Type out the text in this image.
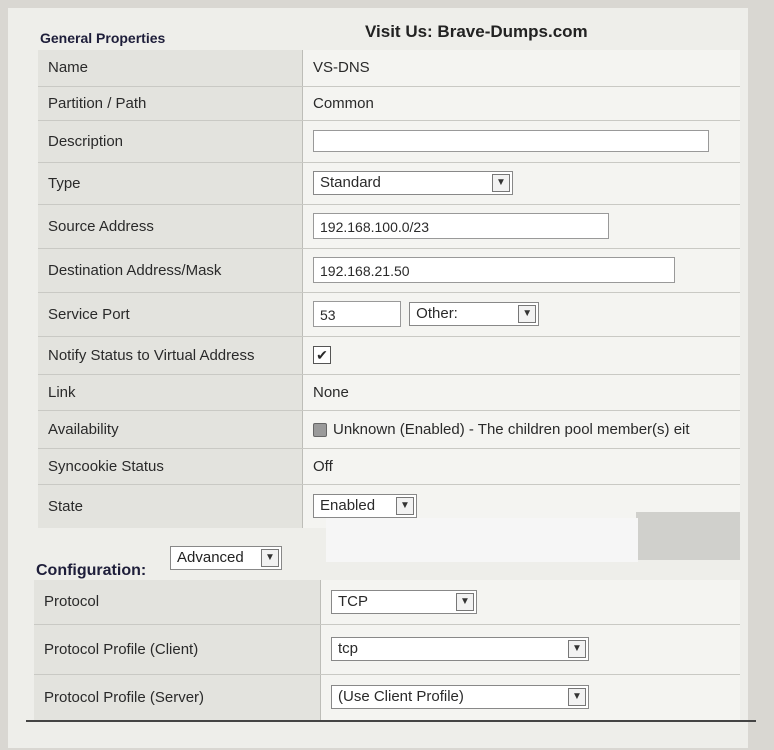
General Properties	Visit Us: Brave-Dumps.com
Name	VS-DNS
Partition / Path	Common
Description	
Type	Standard ▼

Source Address	192.168.100.0/23
Destination Address/Mask	192.168.21.50
Service Port	53 Other: ▼

Notify Status to Virtual Address	✔
Link	None
Availability	Unknown (Enabled) - The children pool member(s) eit
Syncookie Status	Off
State	Enabled ▼
Configuration:
Advanced	▼
Protocol	TCP ▼

Protocol Profile (Client)	tcp ▼

Protocol Profile (Server)	(Use Client Profile) ▼
